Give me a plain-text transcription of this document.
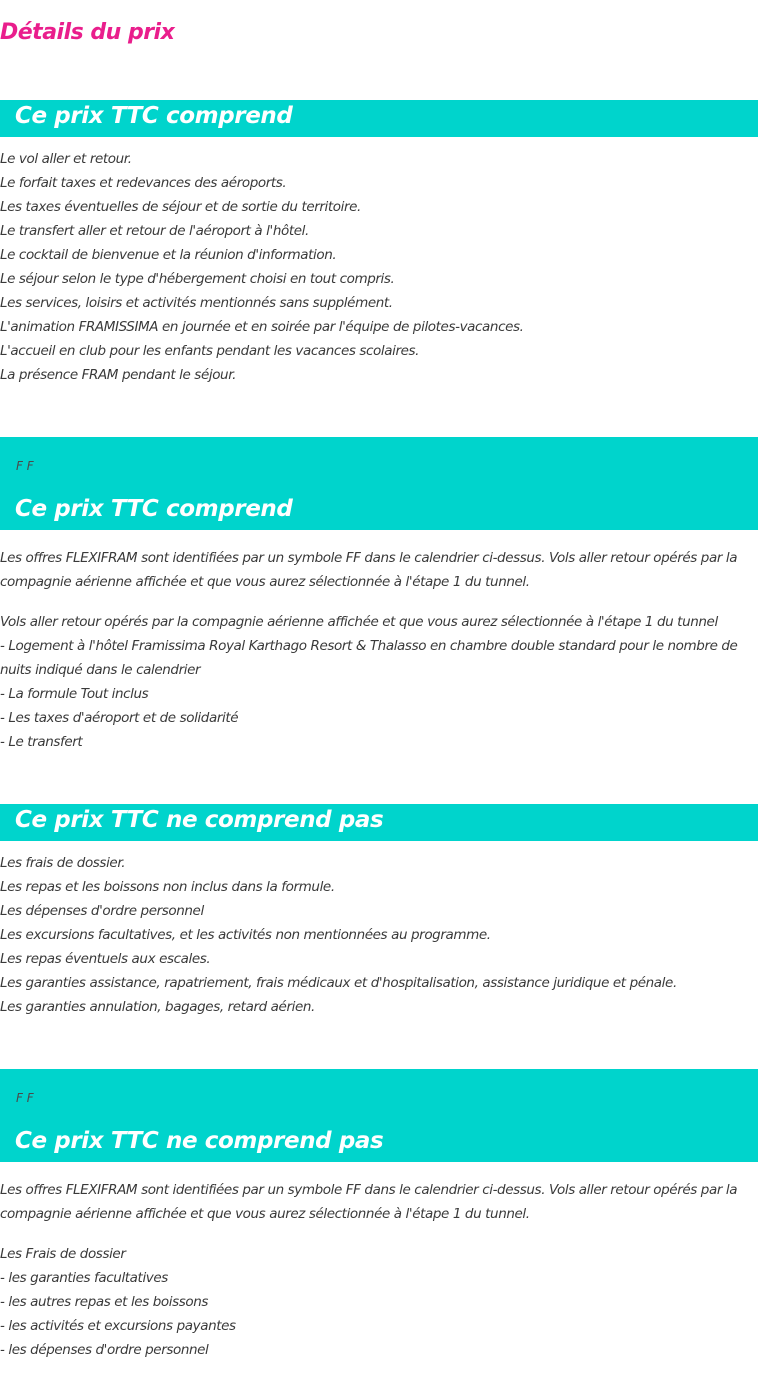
Détails du prix
Ce prix TTC comprend
Le vol aller et retour.
Le forfait taxes et redevances des aéroports.
Les taxes éventuelles de séjour et de sortie du territoire.
Le transfert aller et retour de l'aéroport à l'hôtel.
Le cocktail de bienvenue et la réunion d'information.
Le séjour selon le type d'hébergement choisi en tout compris.
Les services, loisirs et activités mentionnés sans supplément.
L'animation FRAMISSIMA en journée et en soirée par l'équipe de pilotes-vacances.
L'accueil en club pour les enfants pendant les vacances scolaires.
La présence FRAM pendant le séjour.
F F
Ce prix TTC comprend

Les offres FLEXIFRAM sont identifiées par un symbole FF dans le calendrier ci-dessus. Vols aller retour opérés par la compagnie aérienne affichée et que vous aurez sélectionnée à l'étape 1 du tunnel.

Vols aller retour opérés par la compagnie aérienne affichée et que vous aurez sélectionnée à l'étape 1 du tunnel

- Logement à l'hôtel Framissima Royal Karthago Resort & Thalasso en chambre double standard pour le nombre de nuits indiqué dans le calendrier
- La formule Tout inclus
- Les taxes d'aéroport et de solidarité
- Le transfert
Ce prix TTC ne comprend pas
Les frais de dossier.
Les repas et les boissons non inclus dans la formule.
Les dépenses d'ordre personnel
Les excursions facultatives, et les activités non mentionnées au programme.
Les repas éventuels aux escales.
Les garanties assistance, rapatriement, frais médicaux et d'hospitalisation, assistance juridique et pénale.
Les garanties annulation, bagages, retard aérien.
F F
Ce prix TTC ne comprend pas

Les offres FLEXIFRAM sont identifiées par un symbole FF dans le calendrier ci-dessus. Vols aller retour opérés par la compagnie aérienne affichée et que vous aurez sélectionnée à l'étape 1 du tunnel.

Les Frais de dossier
- les garanties facultatives
- les autres repas et les boissons
- les activités et excursions payantes
- les dépenses d'ordre personnel
